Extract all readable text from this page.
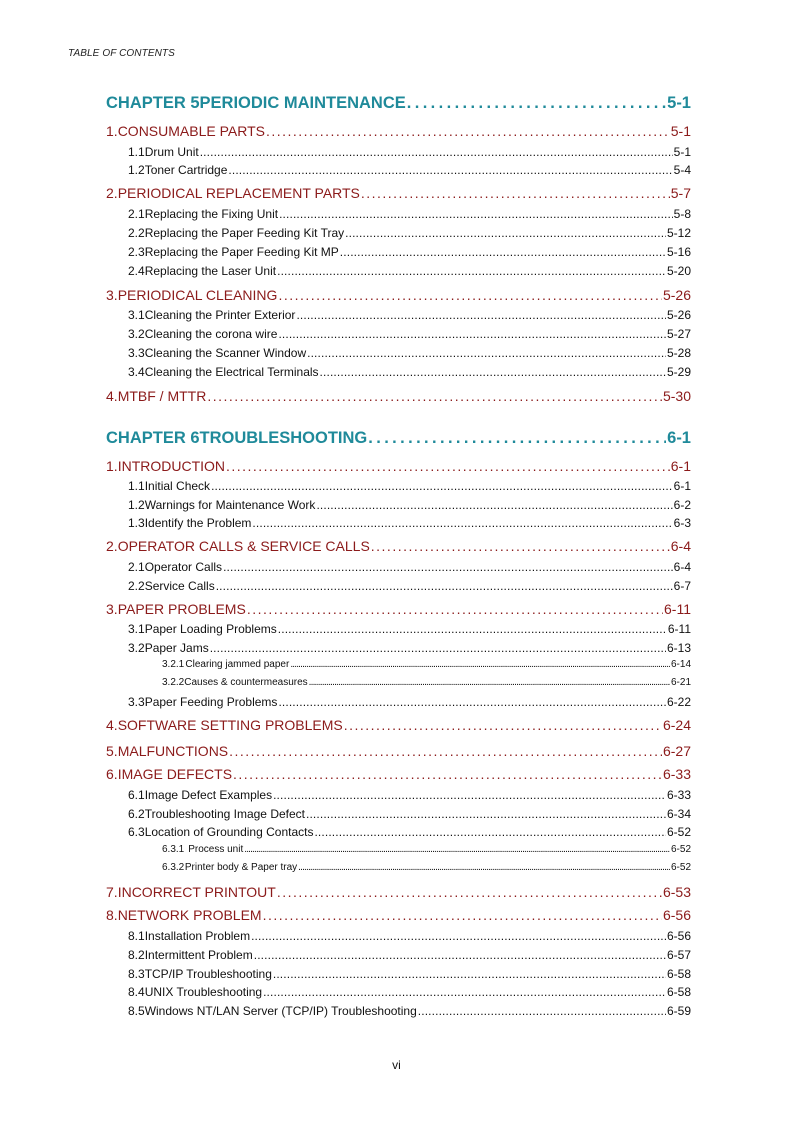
TABLE OF CONTENTS
CHAPTER 5 PERIODIC MAINTENANCE . . .	5-1
1. CONSUMABLE PARTS . . .	5-1
1.1 Drum Unit . . .	5-1
1.2 Toner Cartridge . . .	5-4
2. PERIODICAL REPLACEMENT PARTS . . .	5-7
2.1 Replacing the Fixing Unit . . .	5-8
2.2 Replacing the Paper Feeding Kit Tray . . .	5-12
2.3 Replacing the Paper Feeding Kit MP . . .	5-16
2.4 Replacing the Laser Unit . . .	5-20
3. PERIODICAL CLEANING . . .	5-26
3.1 Cleaning the Printer Exterior . . .	5-26
3.2 Cleaning the corona wire . . .	5-27
3.3 Cleaning the Scanner Window . . .	5-28
3.4 Cleaning the Electrical Terminals . . .	5-29
4. MTBF / MTTR . . .	5-30
CHAPTER 6 TROUBLESHOOTING . . .	6-1
1. INTRODUCTION . . .	6-1
1.1 Initial Check . . .	6-1
1.2 Warnings for Maintenance Work . . .	6-2
1.3 Identify the Problem . . .	6-3
2. OPERATOR CALLS & SERVICE CALLS . . .	6-4
2.1 Operator Calls . . .	6-4
2.2 Service Calls . . .	6-7
3. PAPER PROBLEMS . . .	6-11
3.1 Paper Loading Problems . . .	6-11
3.2 Paper Jams . . .	6-13
3.2.1 Clearing jammed paper . . .	6-14
3.2.2 Causes & countermeasures . . .	6-21
3.3 Paper Feeding Problems . . .	6-22
4. SOFTWARE SETTING PROBLEMS . . .	6-24
5. MALFUNCTIONS . . .	6-27
6. IMAGE DEFECTS . . .	6-33
6.1 Image Defect Examples . . .	6-33
6.2 Troubleshooting Image Defect . . .	6-34
6.3 Location of Grounding Contacts . . .	6-52
6.3.1 Process unit . . .	6-52
6.3.2 Printer body & Paper tray . . .	6-52
7. INCORRECT PRINTOUT . . .	6-53
8. NETWORK PROBLEM . . .	6-56
8.1 Installation Problem . . .	6-56
8.2 Intermittent Problem . . .	6-57
8.3 TCP/IP Troubleshooting . . .	6-58
8.4 UNIX Troubleshooting . . .	6-58
8.5 Windows NT/LAN Server (TCP/IP) Troubleshooting . . .	6-59
vi
